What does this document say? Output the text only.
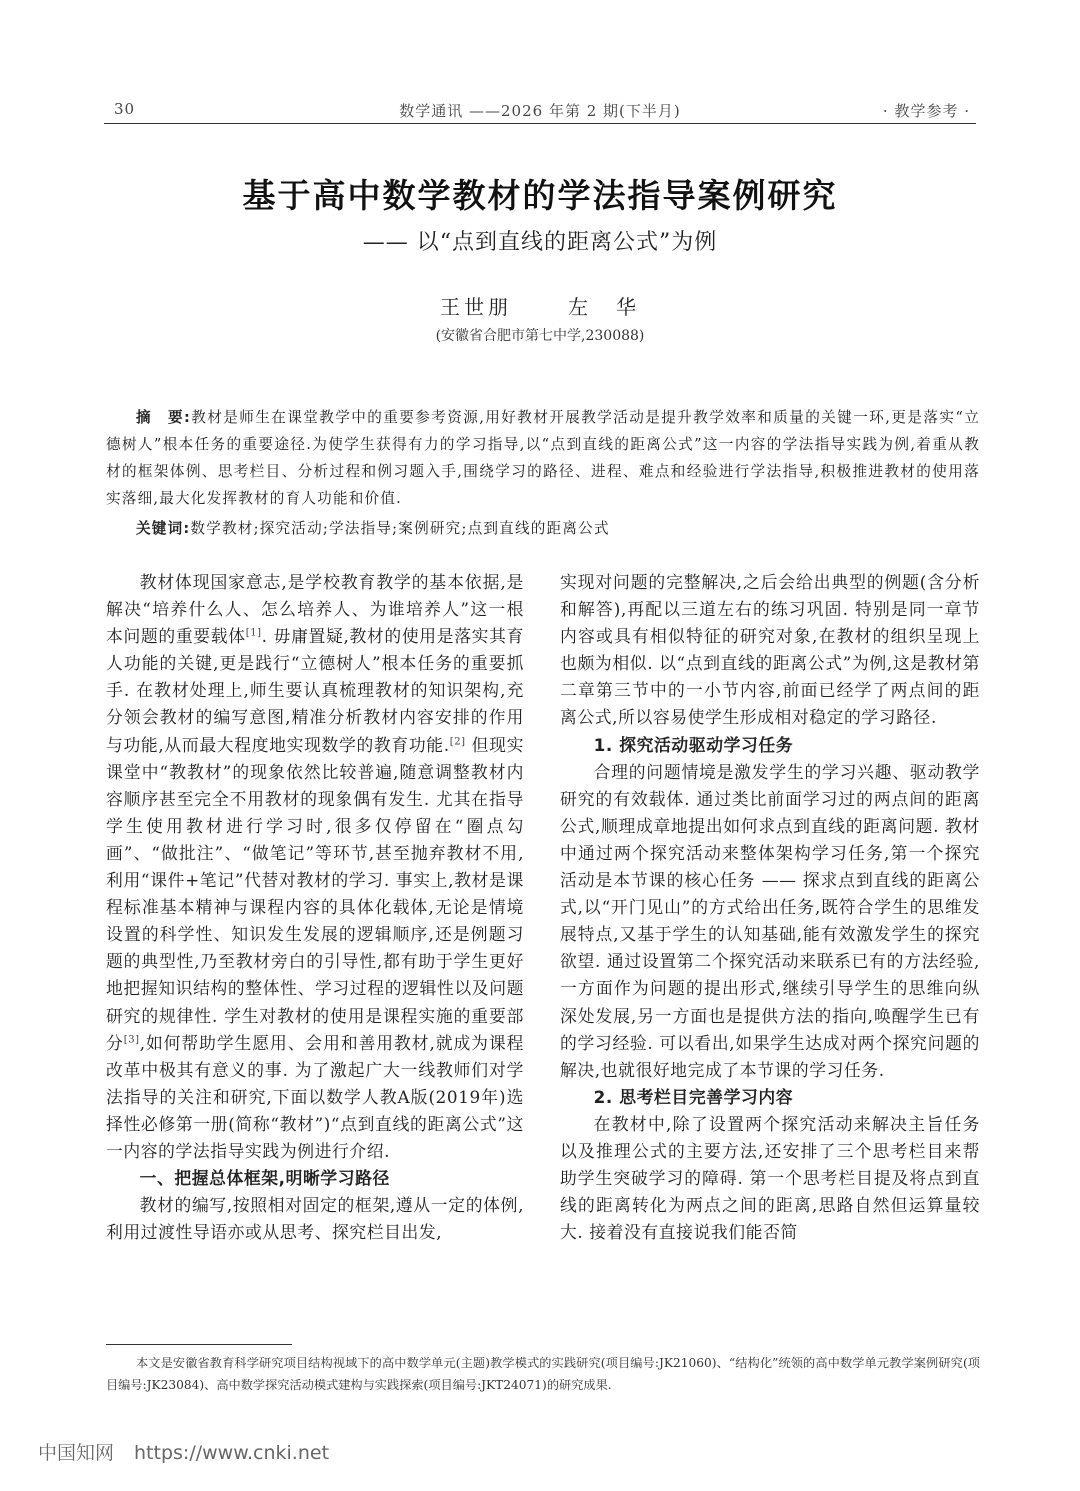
30	数学通讯 ——2026 年第 2 期(下半月)	· 教学参考 ·
基于高中数学教材的学法指导案例研究
—— 以“点到直线的距离公式”为例
王世朋	左　华
(安徽省合肥市第七中学,230088)
摘　要:教材是师生在课堂教学中的重要参考资源,用好教材开展教学活动是提升教学效率和质量的关键一环,更是落实“立德树人”根本任务的重要途径.为使学生获得有力的学习指导,以“点到直线的距离公式”这一内容的学法指导实践为例,着重从教材的框架体例、思考栏目、分析过程和例习题入手,围绕学习的路径、进程、难点和经验进行学法指导,积极推进教材的使用落实落细,最大化发挥教材的育人功能和价值.
关键词:数学教材;探究活动;学法指导;案例研究;点到直线的距离公式

教材体现国家意志,是学校教育教学的基本依据,是解决“培养什么人、怎么培养人、为谁培养人”这一根本问题的重要载体[1]. 毋庸置疑,教材的使用是落实其育人功能的关键,更是践行“立德树人”根本任务的重要抓手. 在教材处理上,师生要认真梳理教材的知识架构,充分领会教材的编写意图,精准分析教材内容安排的作用与功能,从而最大程度地实现数学的教育功能.[2] 但现实课堂中“教教材”的现象依然比较普遍,随意调整教材内容顺序甚至完全不用教材的现象偶有发生. 尤其在指导学生使用教材进行学习时,很多仅停留在“圈点勾画”、“做批注”、“做笔记”等环节,甚至抛弃教材不用,利用“课件+笔记”代替对教材的学习. 事实上,教材是课程标准基本精神与课程内容的具体化载体,无论是情境设置的科学性、知识发生发展的逻辑顺序,还是例题习题的典型性,乃至教材旁白的引导性,都有助于学生更好地把握知识结构的整体性、学习过程的逻辑性以及问题研究的规律性. 学生对教材的使用是课程实施的重要部分[3],如何帮助学生愿用、会用和善用教材,就成为课程改革中极其有意义的事. 为了激起广大一线教师们对学法指导的关注和研究,下面以数学人教A版(2019年)选择性必修第一册(简称“教材”)“点到直线的距离公式”这一内容的学法指导实践为例进行介绍.

一、把握总体框架,明晰学习路径

教材的编写,按照相对固定的框架,遵从一定的体例,利用过渡性导语亦或从思考、探究栏目出发,

实现对问题的完整解决,之后会给出典型的例题(含分析和解答),再配以三道左右的练习巩固. 特别是同一章节内容或具有相似特征的研究对象,在教材的组织呈现上也颇为相似. 以“点到直线的距离公式”为例,这是教材第二章第三节中的一小节内容,前面已经学了两点间的距离公式,所以容易使学生形成相对稳定的学习路径.

1. 探究活动驱动学习任务

合理的问题情境是激发学生的学习兴趣、驱动教学研究的有效载体. 通过类比前面学习过的两点间的距离公式,顺理成章地提出如何求点到直线的距离问题. 教材中通过两个探究活动来整体架构学习任务,第一个探究活动是本节课的核心任务 —— 探求点到直线的距离公式,以“开门见山”的方式给出任务,既符合学生的思维发展特点,又基于学生的认知基础,能有效激发学生的探究欲望. 通过设置第二个探究活动来联系已有的方法经验,一方面作为问题的提出形式,继续引导学生的思维向纵深处发展,另一方面也是提供方法的指向,唤醒学生已有的学习经验. 可以看出,如果学生达成对两个探究问题的解决,也就很好地完成了本节课的学习任务.

2. 思考栏目完善学习内容

在教材中,除了设置两个探究活动来解决主旨任务以及推理公式的主要方法,还安排了三个思考栏目来帮助学生突破学习的障碍. 第一个思考栏目提及将点到直线的距离转化为两点之间的距离,思路自然但运算量较大. 接着没有直接说我们能否简

本文是安徽省教育科学研究项目结构视域下的高中数学单元(主题)教学模式的实践研究(项目编号:JK21060)、“结构化”统领的高中数学单元教学案例研究(项目编号:JK23084)、高中数学探究活动模式建构与实践探索(项目编号:JKT24071)的研究成果.
中国知网 https://www.cnki.net
